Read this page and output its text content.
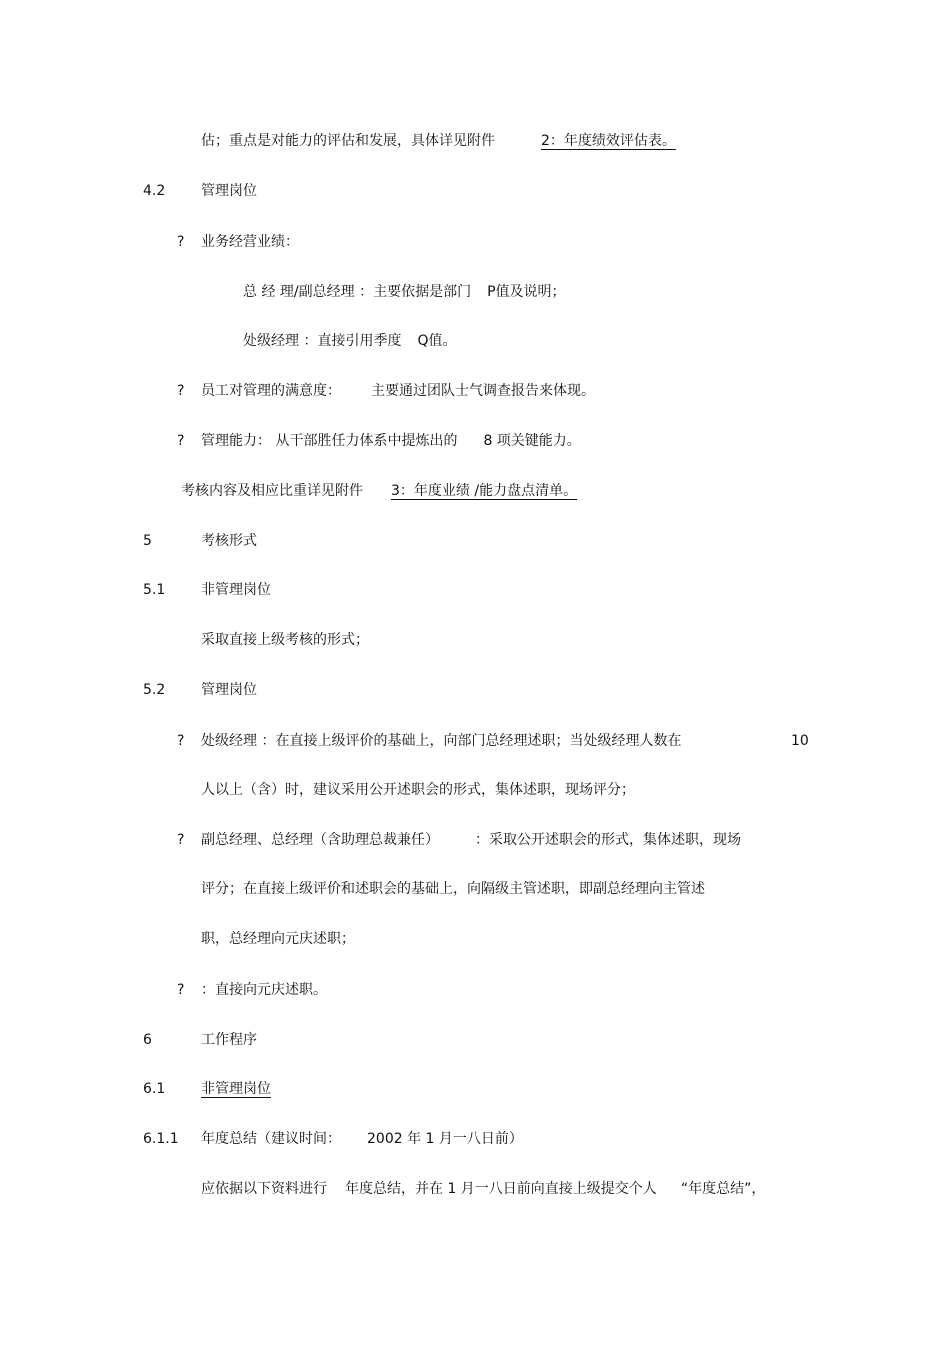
估；重点是对能力的评估和发展，具体详见附件	2：年度绩效评估表。
4.2	管理岗位
? 业务经营业绩：
总 经 理/副总经理 ：主要依据是部门 P值及说明；
处级经理 ：直接引用季度 Q值。
? 员工对管理的满意度： 主要通过团队士气调查报告来体现。
? 管理能力： 从干部胜任力体系中提炼出的 8 项关键能力。
考核内容及相应比重详见附件 3：年度业绩 /能力盘点清单。
5	考核形式
5.1	非管理岗位
采取直接上级考核的形式；
5.2	管理岗位
? 处级经理 ：在直接上级评价的基础上，向部门总经理述职；当处级经理人数在	10
人以上（含）时，建议采用公开述职会的形式，集体述职，现场评分；
? 副总经理、总经理（含助理总裁兼任）	：采取公开述职会的形式，集体述职，现场
评分；在直接上级评价和述职会的基础上，向隔级主管述职，即副总经理向主管述
职，总经理向元庆述职；
? ：直接向元庆述职。
6	工作程序
6.1	非管理岗位
6.1.1 年度总结（建议时间： 2002 年 1 月一八日前）
应依据以下资料进行 年度总结，并在 1 月一八日前向直接上级提交个人 “年度总结”，
